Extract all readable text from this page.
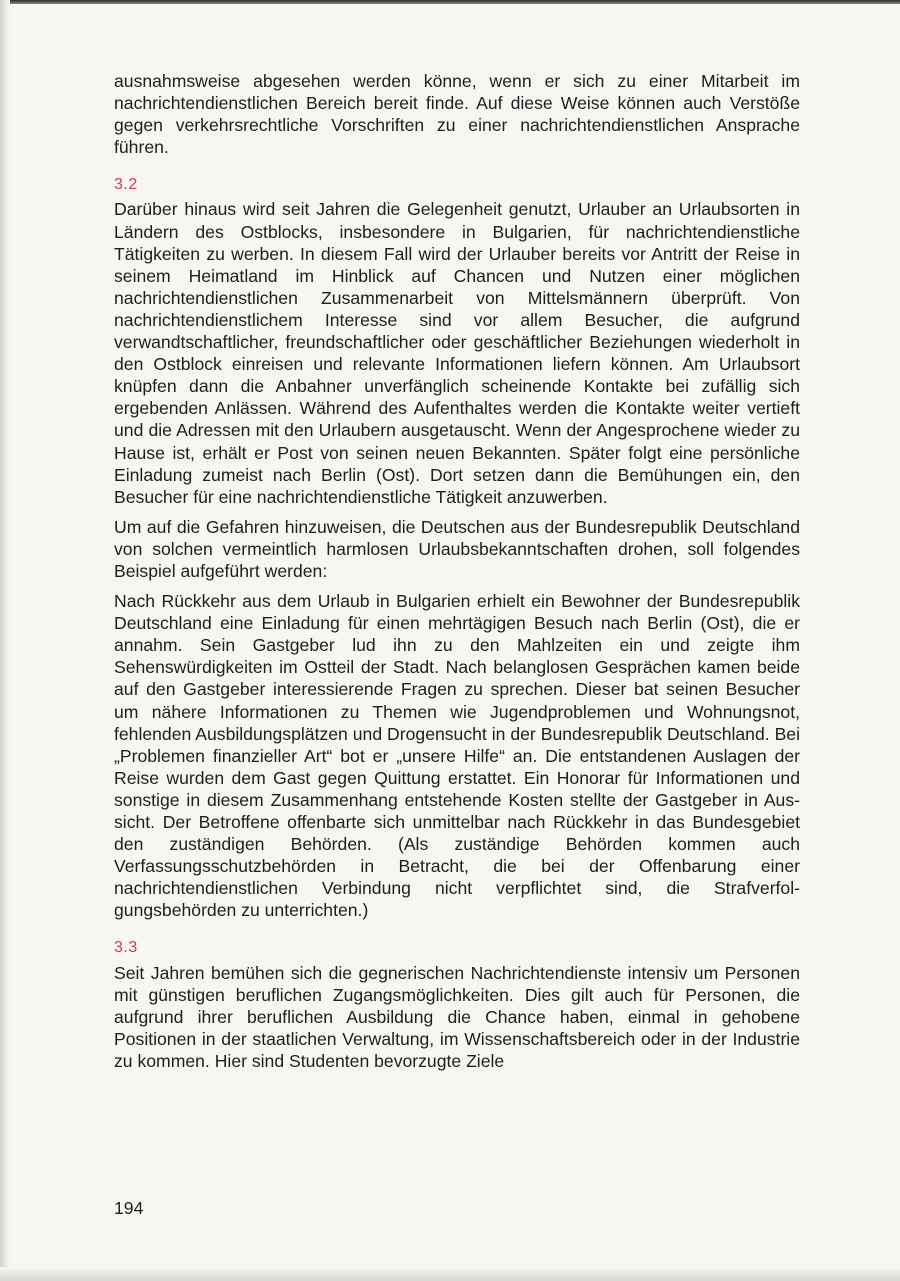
ausnahmsweise abgesehen werden könne, wenn er sich zu einer Mitarbeit im nachrichtendienstlichen Bereich bereit finde. Auf diese Weise können auch Verstöße gegen verkehrsrechtliche Vorschriften zu einer nachrichtendienstlichen Ansprache führen.

3.2

Darüber hinaus wird seit Jahren die Gelegenheit genutzt, Urlauber an Urlaubsorten in Ländern des Ostblocks, insbesondere in Bulgarien, für nachrichtendienstliche Tätigkeiten zu werben. In diesem Fall wird der Urlauber bereits vor Antritt der Reise in seinem Heimatland im Hinblick auf Chancen und Nutzen einer möglichen nachrichtendienstlichen Zusammenarbeit von Mittelsmännern überprüft. Von nachrichtendienstlichem Interesse sind vor allem Besucher, die aufgrund verwandtschaftlicher, freundschaftlicher oder geschäftlicher Beziehungen wiederholt in den Ostblock einreisen und relevante Informationen liefern können. Am Urlaubsort knüpfen dann die Anbahner unverfänglich scheinende Kontakte bei zufällig sich ergebenden Anlässen. Während des Aufenthaltes werden die Kontakte weiter vertieft und die Adressen mit den Urlaubern ausgetauscht. Wenn der Angesprochene wieder zu Hause ist, erhält er Post von seinen neuen Bekannten. Später folgt eine persönliche Einladung zumeist nach Berlin (Ost). Dort setzen dann die Bemühungen ein, den Besucher für eine nachrichtendienstliche Tätigkeit anzuwerben.

Um auf die Gefahren hinzuweisen, die Deutschen aus der Bundesrepublik Deutschland von solchen vermeintlich harmlosen Urlaubsbekanntschaften drohen, soll folgendes Beispiel aufgeführt werden:

Nach Rückkehr aus dem Urlaub in Bulgarien erhielt ein Bewohner der Bundesrepublik Deutschland eine Einladung für einen mehrtägigen Besuch nach Berlin (Ost), die er annahm. Sein Gastgeber lud ihn zu den Mahlzeiten ein und zeigte ihm Sehenswürdigkeiten im Ostteil der Stadt. Nach belanglosen Gesprächen kamen beide auf den Gastgeber interessierende Fragen zu sprechen. Dieser bat seinen Besucher um nähere Informationen zu Themen wie Jugendproblemen und Wohnungsnot, fehlenden Ausbildungsplätzen und Drogensucht in der Bundesrepublik Deutschland. Bei „Problemen finanzieller Art“ bot er „unsere Hilfe“ an. Die entstandenen Auslagen der Reise wurden dem Gast gegen Quittung erstattet. Ein Honorar für Informationen und sonstige in diesem Zusammenhang entstehende Kosten stellte der Gastgeber in Aussicht. Der Betroffene offenbarte sich unmittelbar nach Rückkehr in das Bundesgebiet den zuständigen Behörden. (Als zuständige Behörden kommen auch Verfassungsschutzbehörden in Betracht, die bei der Offenbarung einer nachrichtendienstlichen Verbindung nicht verpflichtet sind, die Strafverfolgungsbehörden zu unterrichten.)

3.3

Seit Jahren bemühen sich die gegnerischen Nachrichtendienste intensiv um Personen mit günstigen beruflichen Zugangsmöglichkeiten. Dies gilt auch für Personen, die aufgrund ihrer beruflichen Ausbildung die Chance haben, einmal in gehobene Positionen in der staatlichen Verwaltung, im Wissenschaftsbereich oder in der Industrie zu kommen. Hier sind Studenten bevorzugte Ziele

194
